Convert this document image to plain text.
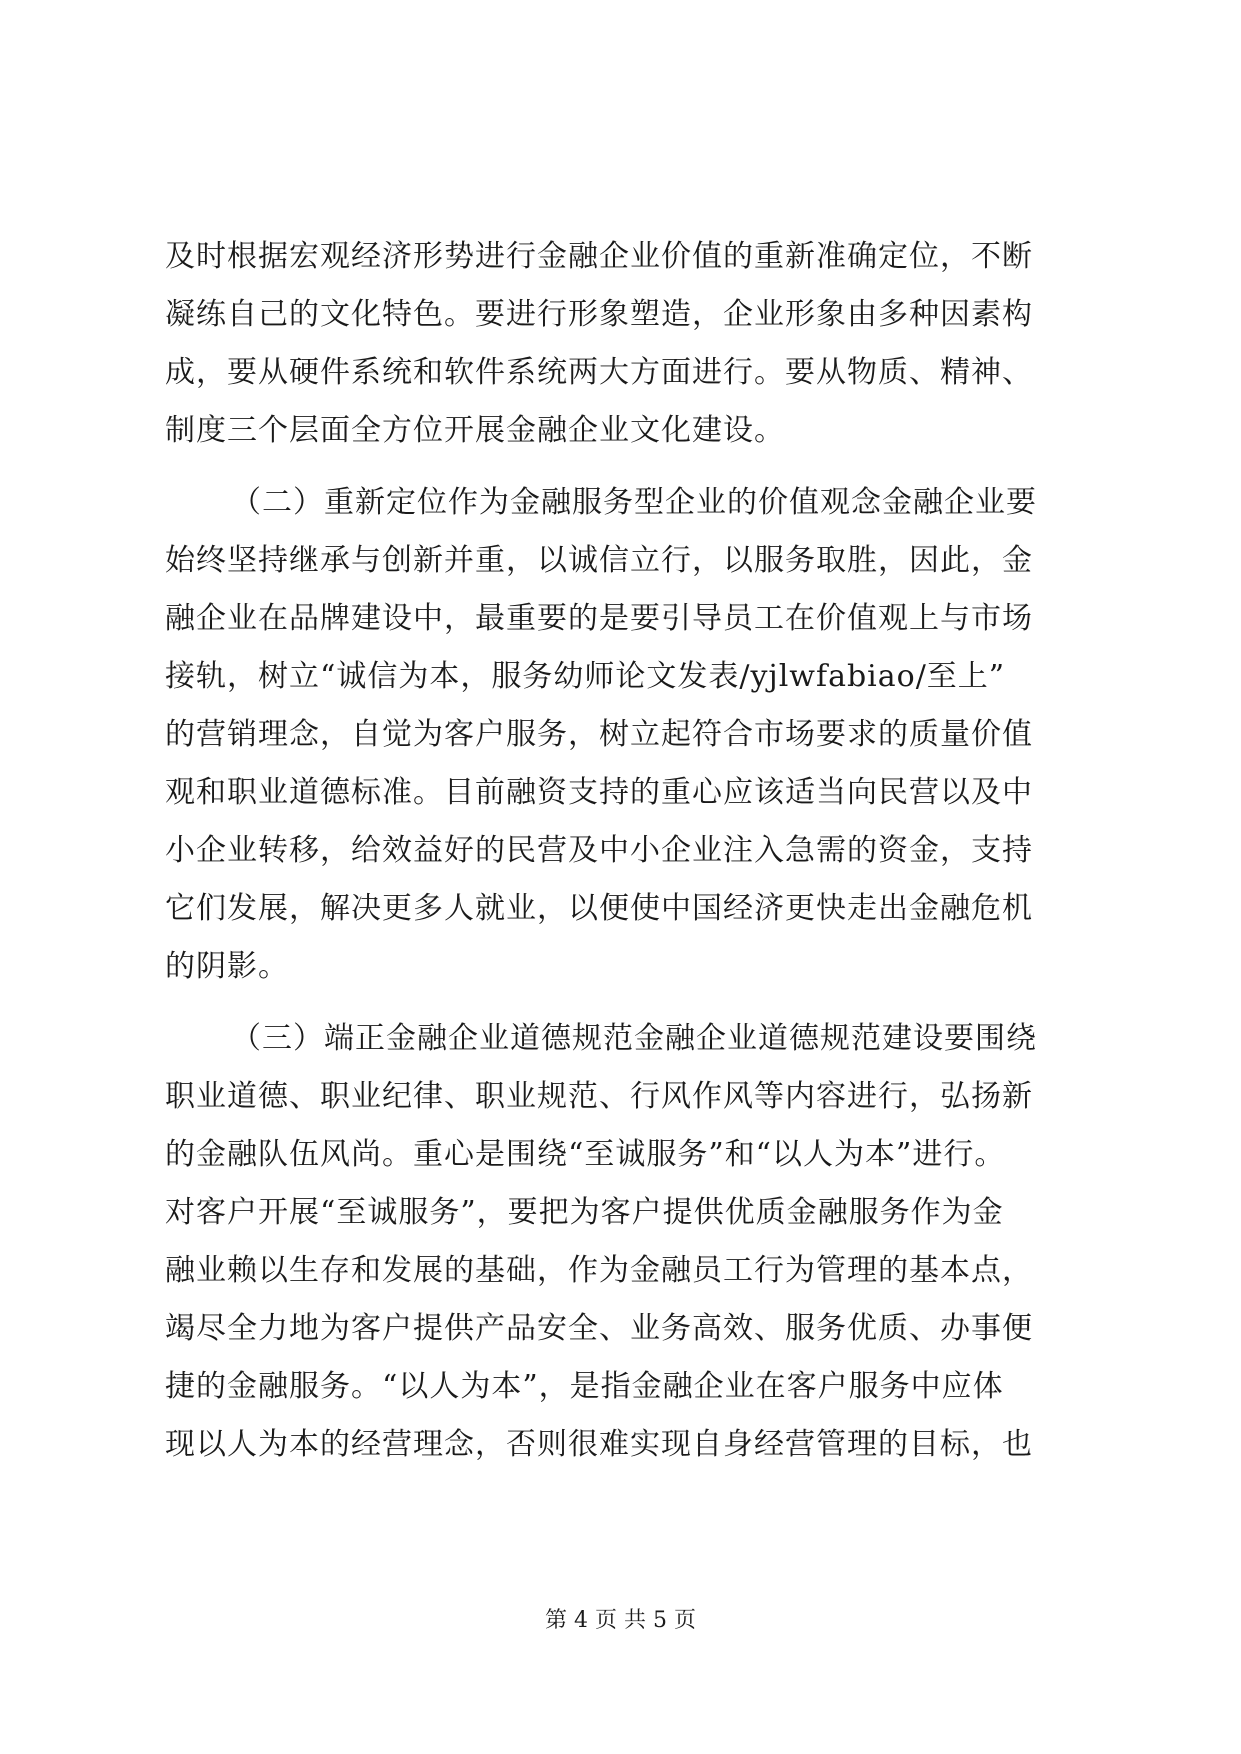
及时根据宏观经济形势进行金融企业价值的重新准确定位，不断
凝练自己的文化特色。要进行形象塑造，企业形象由多种因素构
成，要从硬件系统和软件系统两大方面进行。要从物质、精神、
制度三个层面全方位开展金融企业文化建设。
（二）重新定位作为金融服务型企业的价值观念金融企业要
始终坚持继承与创新并重，以诚信立行，以服务取胜，因此，金
融企业在品牌建设中，最重要的是要引导员工在价值观上与市场
接轨，树立“诚信为本，服务幼师论文发表/yjlwfabiao/至上”
的营销理念，自觉为客户服务，树立起符合市场要求的质量价值
观和职业道德标准。目前融资支持的重心应该适当向民营以及中
小企业转移，给效益好的民营及中小企业注入急需的资金，支持
它们发展，解决更多人就业，以便使中国经济更快走出金融危机
的阴影。
（三）端正金融企业道德规范金融企业道德规范建设要围绕
职业道德、职业纪律、职业规范、行风作风等内容进行，弘扬新
的金融队伍风尚。重心是围绕“至诚服务”和“以人为本”进行。
对客户开展“至诚服务”，要把为客户提供优质金融服务作为金
融业赖以生存和发展的基础，作为金融员工行为管理的基本点，
竭尽全力地为客户提供产品安全、业务高效、服务优质、办事便
捷的金融服务。“以人为本”，是指金融企业在客户服务中应体
现以人为本的经营理念，否则很难实现自身经营管理的目标，也
第 4 页 共 5 页
